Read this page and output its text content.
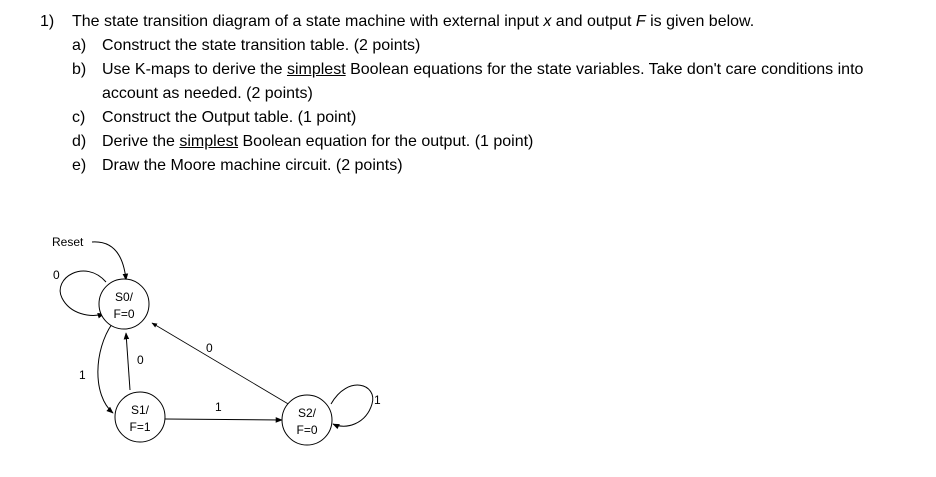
1)	The state transition diagram of a state machine with external input x and output F is given below.
a) Construct the state transition table. (2 points)
b) Use K-maps to derive the simplest Boolean equations for the state variables. Take don't care conditions into account as needed. (2 points)
c)	Construct the Output table. (1 point)
d) Derive the simplest Boolean equation for the output. (1 point)
e) Draw the Moore machine circuit. (2 points)
Reset
0
1
0
1
0
1
S0/
F=0
S1/
F=1
S2/
F=0
